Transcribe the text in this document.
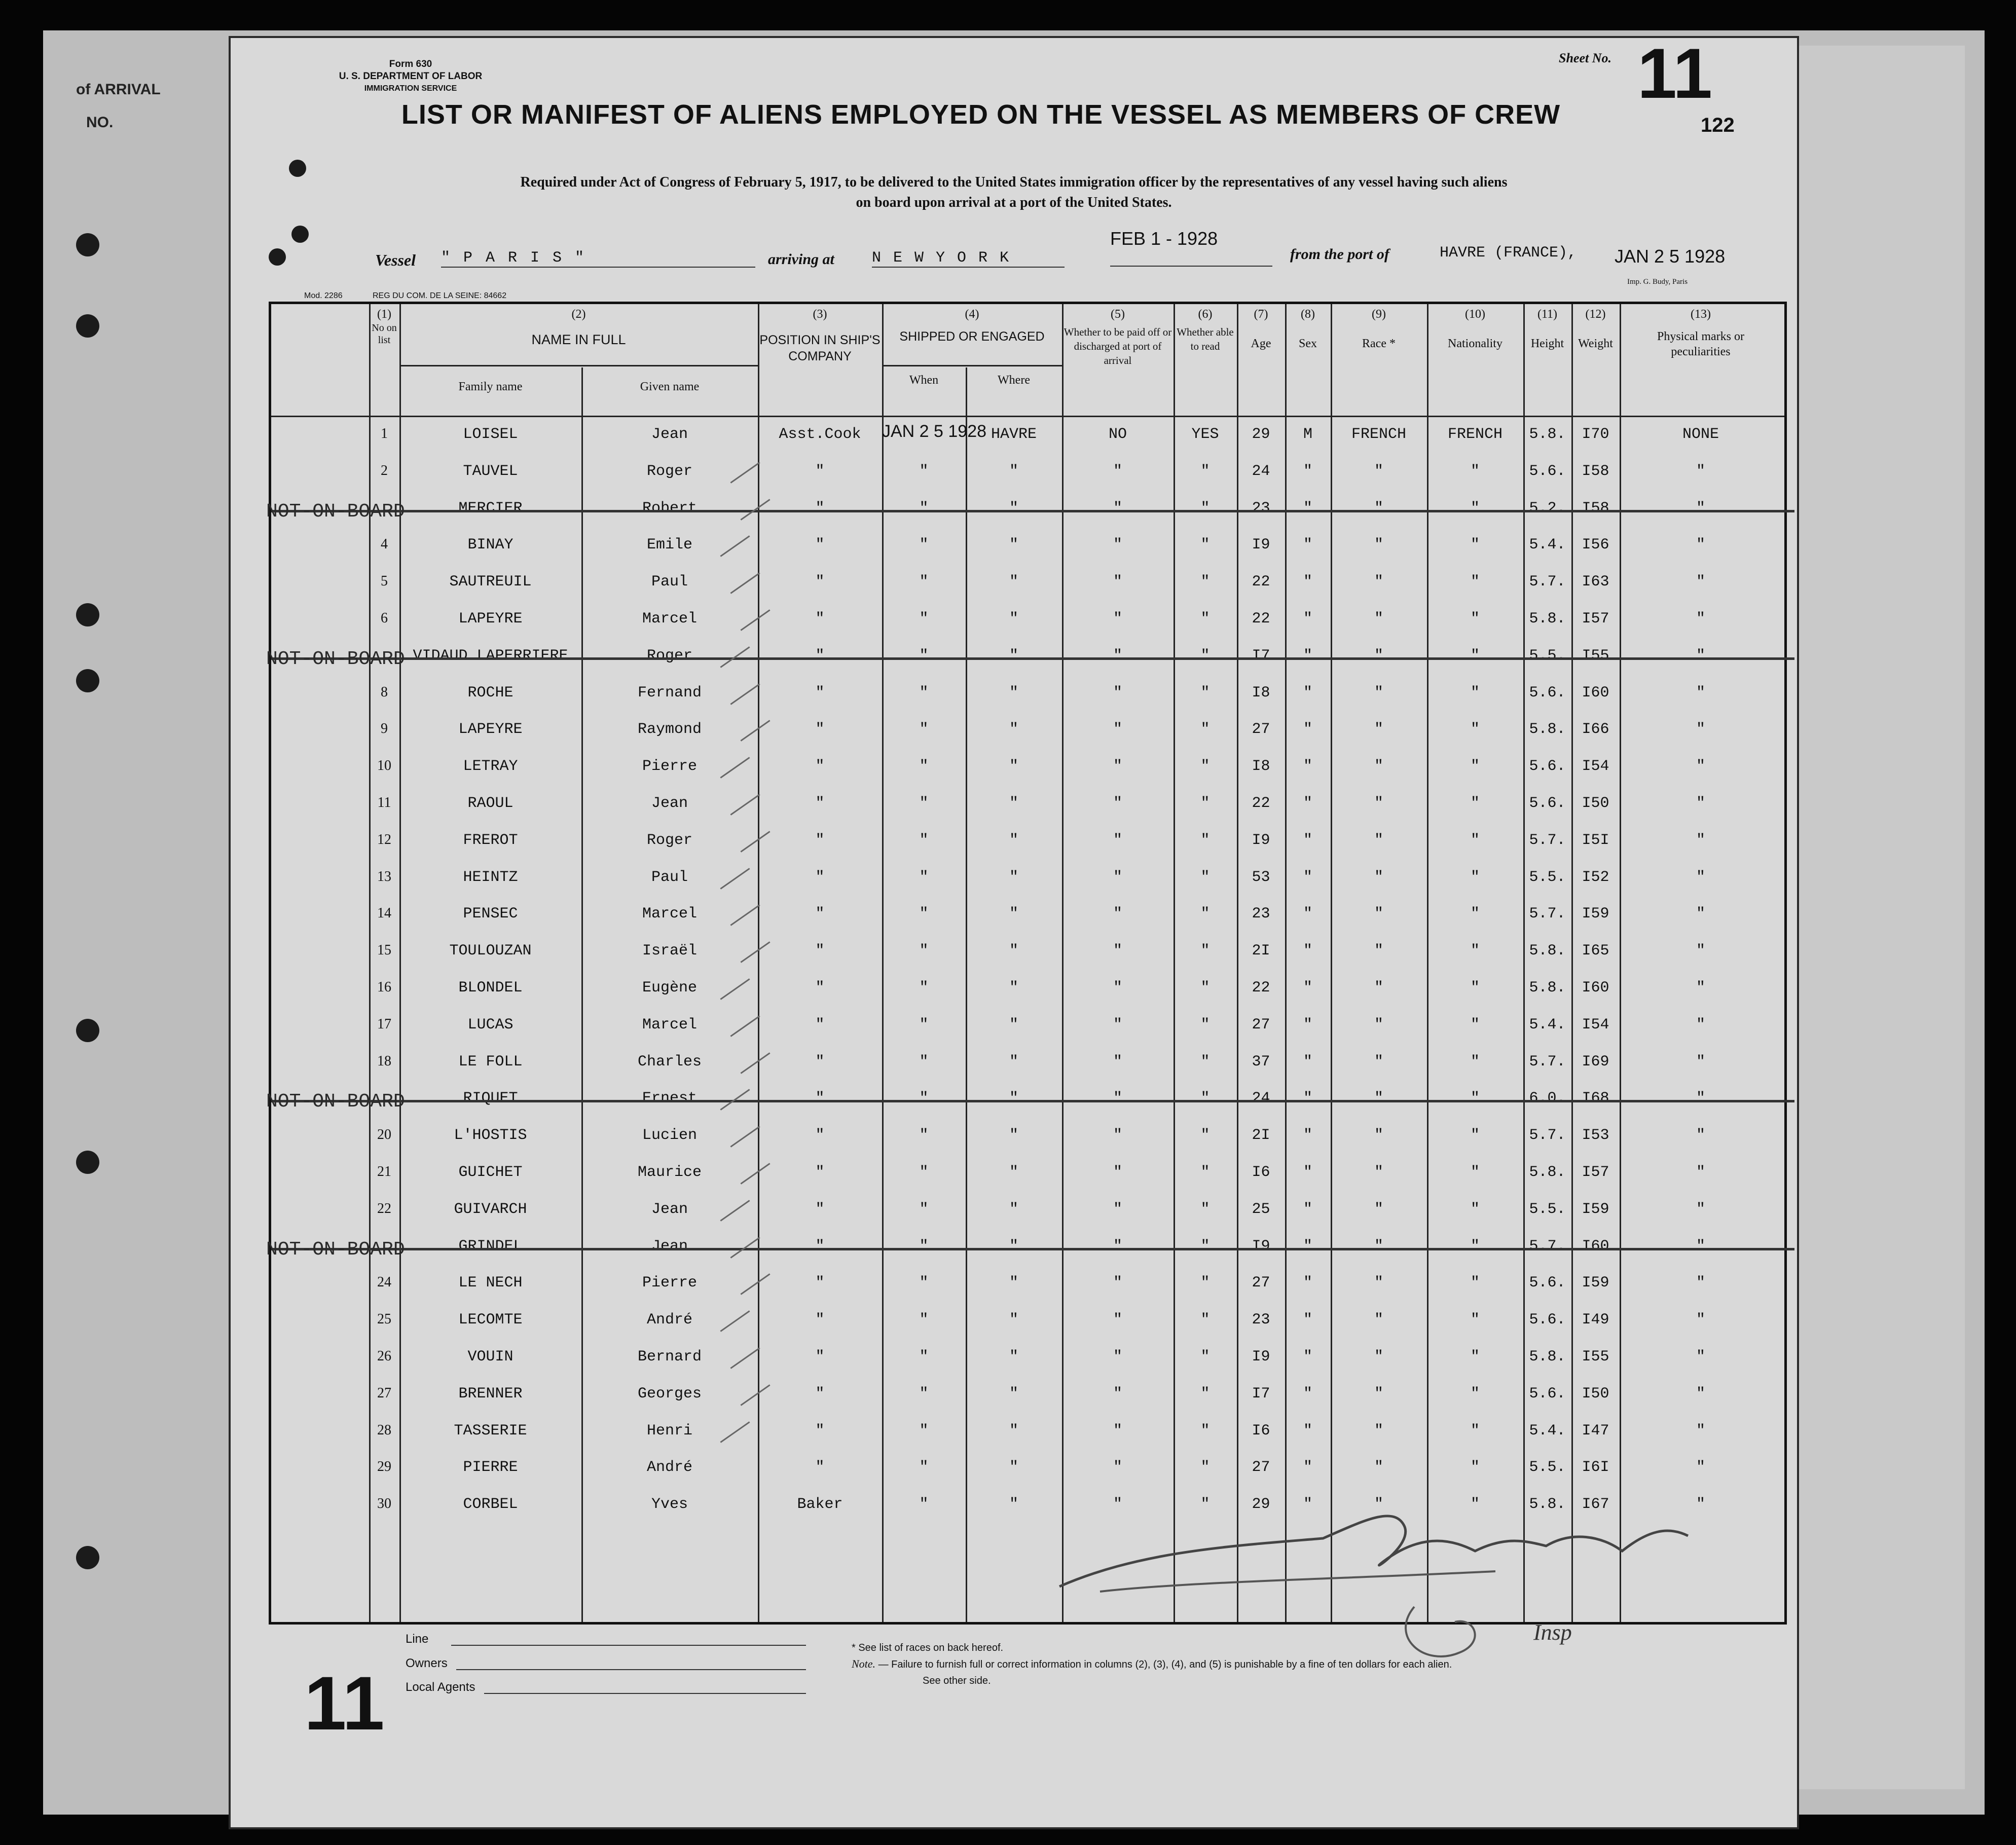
of ARRIVAL
NO.
Form 630
U. S. DEPARTMENT OF LABOR
IMMIGRATION SERVICE
Sheet No. 11
122
LIST OR MANIFEST OF ALIENS EMPLOYED ON THE VESSEL AS MEMBERS OF CREW
Required under Act of Congress of February 5, 1917, to be delivered to the United States immigration officer by the representatives of any vessel having such aliens
on board upon arrival at a port of the United States.
Vessel " P A R I S "	arriving at N E W Y O R K
FEB 1 - 1928
from the port of	HAVRE (FRANCE), JAN 2 5 1928
Mod. 2286	REG DU COM. DE LA SEINE: 84662
Imp. G. Budy, Paris
(1)
No on list
(2)
NAME IN FULL
Family name	Given name
(3)
POSITION IN SHIP'S COMPANY
(4)
SHIPPED OR ENGAGED
When	Where
(5)
Whether to be paid off or discharged at port of arrival
(6)
Whether able to read
(7)
Age
(8)
Sex
(9)
Race *
(10)
Nationality
(11)
Height
(12)
Weight
(13)
Physical marks or peculiarities
1	LOISEL	Jean	Asst.Cook	JAN 2 5 1928 HAVRE	NO	YES	29	M	FRENCH	FRENCH	5.8.	I70	NONE
2	TAUVEL	Roger	"	"	"	"	"	24	"	"	"	5.6.	I58	"
MERCIER	Robert	"	"	"	"	"	23	"	"	"	5.2.	I58	"
NOT-ON-BOARD
4	BINAY	Emile	"	"	"	"	"	I9	"	"	"	5.4.	I56	"
5	SAUTREUIL	Paul	"	"	"	"	"	22	"	"	"	5.7.	I63	"
6	LAPEYRE	Marcel	"	"	"	"	"	22	"	"	"	5.8.	I57	"
VIDAUD LAPERRIERE	Roger	"	"	"	"	"	I7	"	"	"	5.5.	I55	"
NOT-ON-BOARD
8	ROCHE	Fernand	"	"	"	"	"	I8	"	"	"	5.6.	I60	"
9	LAPEYRE	Raymond	"	"	"	"	"	27	"	"	"	5.8.	I66	"
10	LETRAY	Pierre	"	"	"	"	"	I8	"	"	"	5.6.	I54	"
11	RAOUL	Jean	"	"	"	"	"	22	"	"	"	5.6.	I50	"
12	FREROT	Roger	"	"	"	"	"	I9	"	"	"	5.7.	I5I	"
13	HEINTZ	Paul	"	"	"	"	"	53	"	"	"	5.5.	I52	"
14	PENSEC	Marcel	"	"	"	"	"	23	"	"	"	5.7.	I59	"
15	TOULOUZAN	Israël	"	"	"	"	"	2I	"	"	"	5.8.	I65	"
16	BLONDEL	Eugène	"	"	"	"	"	22	"	"	"	5.8.	I60	"
17	LUCAS	Marcel	"	"	"	"	"	27	"	"	"	5.4.	I54	"
18	LE FOLL	Charles	"	"	"	"	"	37	"	"	"	5.7.	I69	"
RIQUET	Ernest	"	"	"	"	"	24	"	"	"	6.0.	I68	"
NOT-ON-BOARD
20	L'HOSTIS	Lucien	"	"	"	"	"	2I	"	"	"	5.7.	I53	"
21	GUICHET	Maurice	"	"	"	"	"	I6	"	"	"	5.8.	I57	"
22	GUIVARCH	Jean	"	"	"	"	"	25	"	"	"	5.5.	I59	"
GRINDEL	Jean	"	"	"	"	"	I9	"	"	"	5.7.	I60	"
NOT-ON-BOARD
24	LE NECH	Pierre	"	"	"	"	"	27	"	"	"	5.6.	I59	"
25	LECOMTE	André	"	"	"	"	"	23	"	"	"	5.6.	I49	"
26	VOUIN	Bernard	"	"	"	"	"	I9	"	"	"	5.8.	I55	"
27	BRENNER	Georges	"	"	"	"	"	I7	"	"	"	5.6.	I50	"
28	TASSERIE	Henri	"	"	"	"	"	I6	"	"	"	5.4.	I47	"
29	PIERRE	André	"	"	"	"	"	27	"	"	"	5.5.	I6I	"
30	CORBEL	Yves	Baker	"	"	"	"	29	"	"	"	5.8.	I67	"
Insp
Line
Owners
Local Agents
* See list of races on back hereof.
Note. — Failure to furnish full or correct information in columns (2), (3), (4), and (5) is punishable by a fine of ten dollars for each alien.
See other side.
11
